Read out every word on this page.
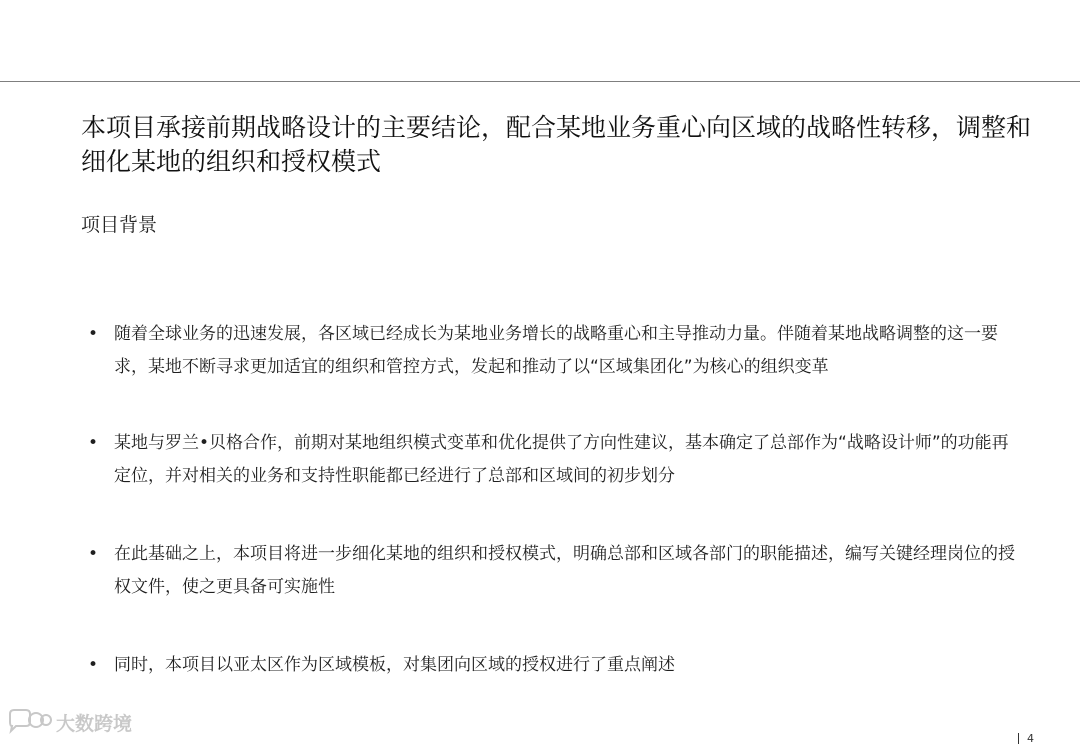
本项目承接前期战略设计的主要结论，配合某地业务重心向区域的战略性转移，调整和细化某地的组织和授权模式
项目背景
• 随着全球业务的迅速发展，各区域已经成长为某地业务增长的战略重心和主导推动力量。伴随着某地战略调整的这一要求，某地不断寻求更加适宜的组织和管控方式，发起和推动了以“区域集团化”为核心的组织变革
• 某地与罗兰•贝格合作，前期对某地组织模式变革和优化提供了方向性建议，基本确定了总部作为“战略设计师”的功能再定位，并对相关的业务和支持性职能都已经进行了总部和区域间的初步划分
• 在此基础之上，本项目将进一步细化某地的组织和授权模式，明确总部和区域各部门的职能描述，编写关键经理岗位的授权文件，使之更具备可实施性
• 同时，本项目以亚太区作为区域模板，对集团向区域的授权进行了重点阐述
大数跨境
4
